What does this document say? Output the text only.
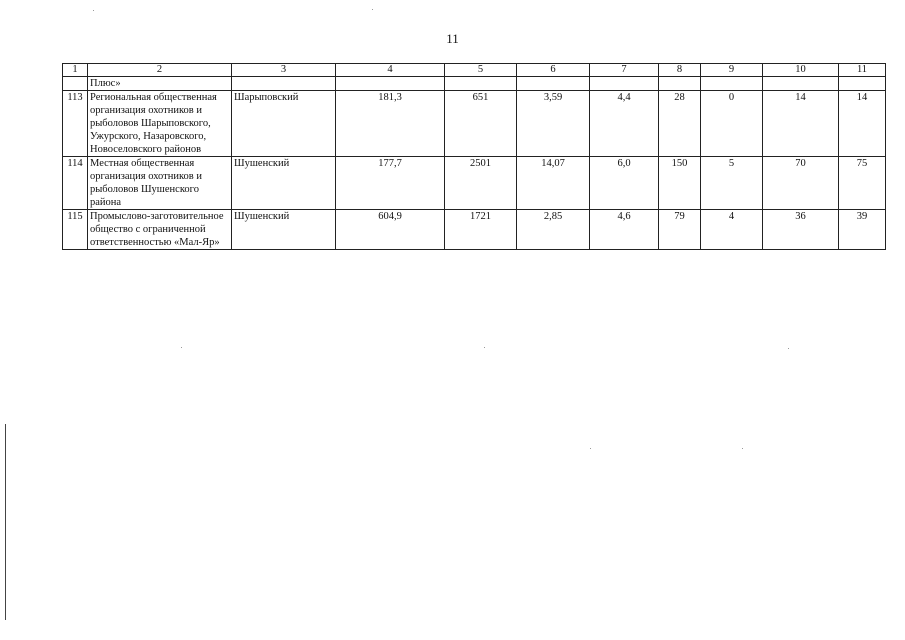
11
1	2	3	4	5	6	7	8	9	10	11
	Плюс»									
113	Региональная общественная организация охотников и рыболовов Шарыповского, Ужурского, Назаровского, Новоселовского районов	Шарыповский	181,3	651	3,59	4,4	28	0	14	14
114	Местная общественная организация охотников и рыболовов Шушенского района	Шушенский	177,7	2501	14,07	6,0	150	5	70	75
115	Промыслово-заготовительное общество с ограниченной ответственностью «Мал-Яр»	Шушенский	604,9	1721	2,85	4,6	79	4	36	39
